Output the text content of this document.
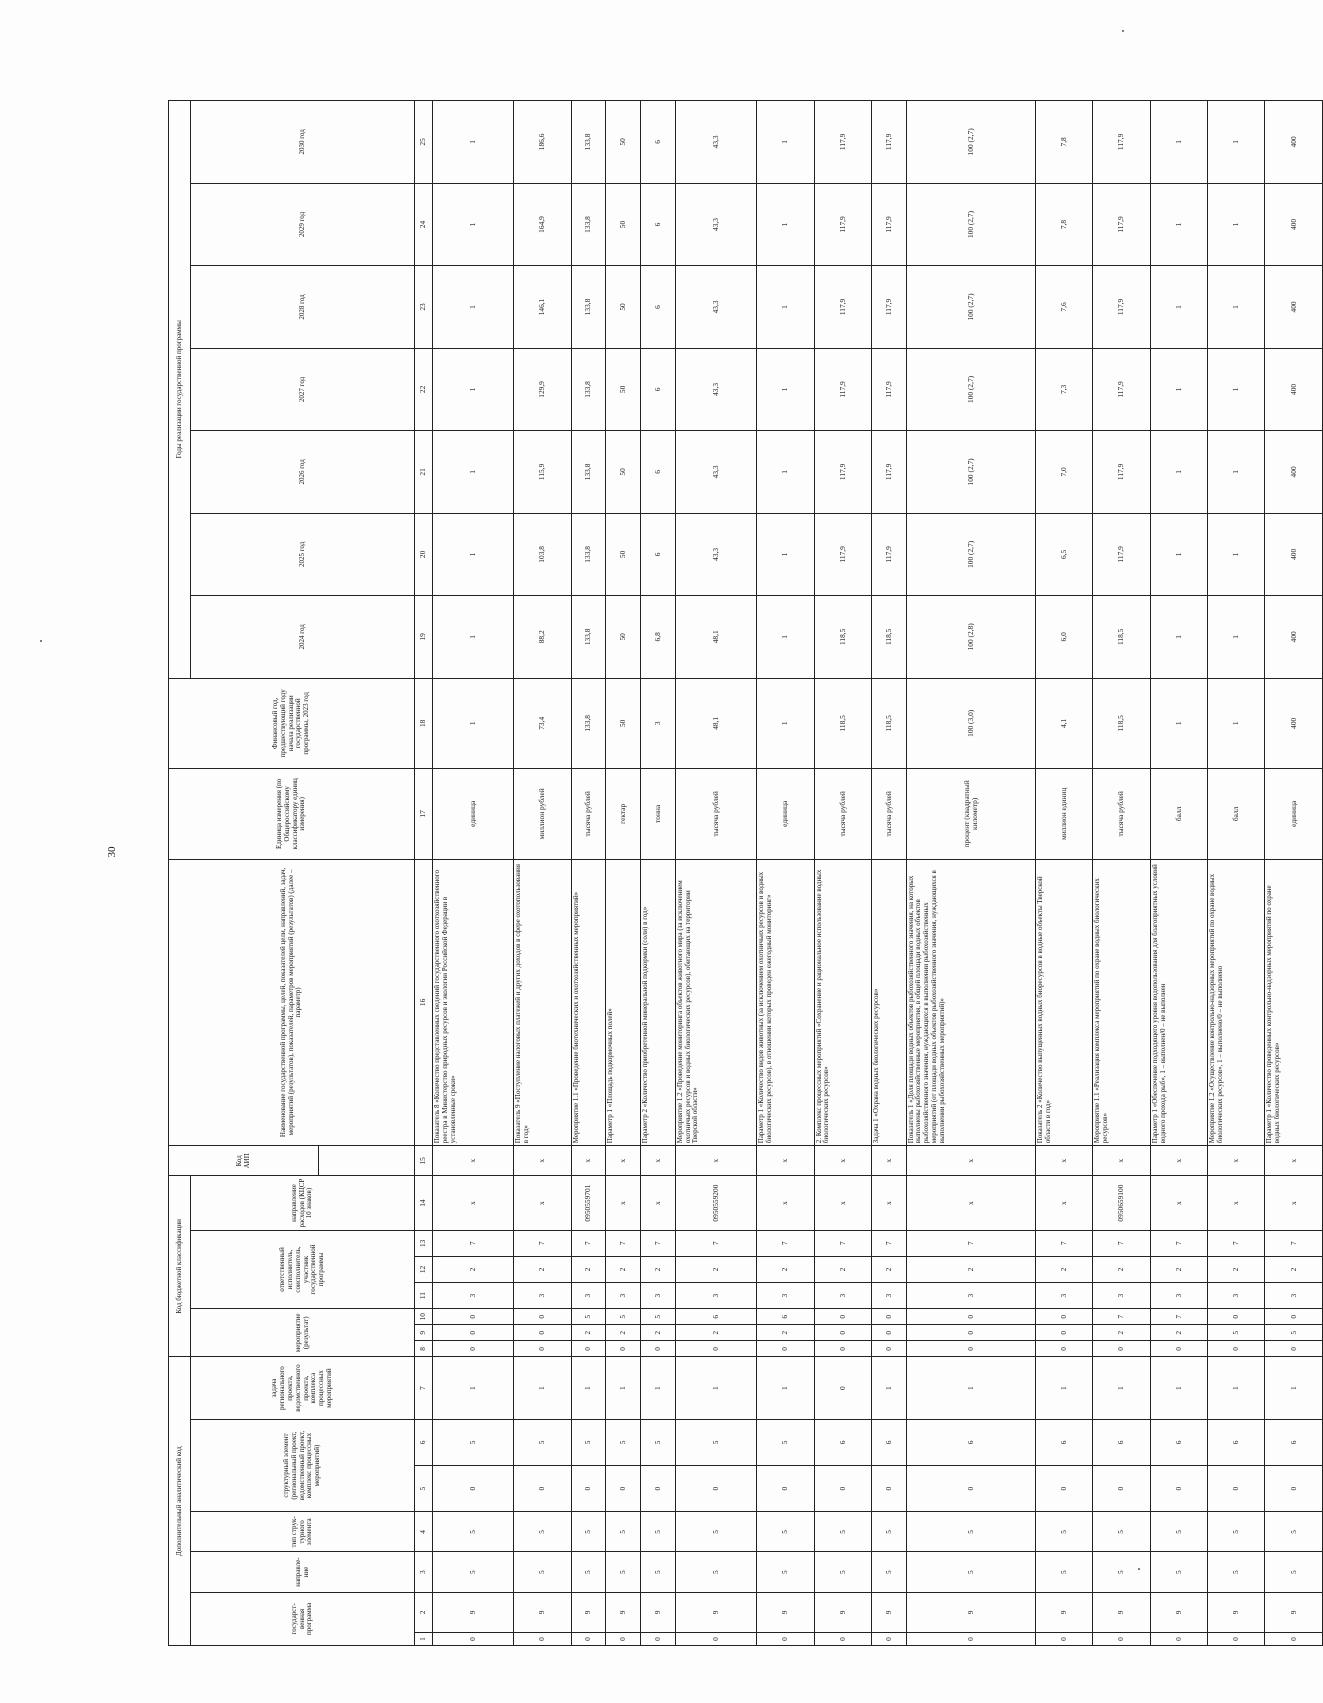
30
Дополнительный аналитический код							Код бюджетной классификации							Код АИП	Наименование государственной программы, целей, показателей цели, направлений, задач, мероприятий (результатов), показателей, параметров мероприятий (результатов) (далее – параметр)	Единица измерения (по Общероссийскому классификатору единиц измерения)	Финансовый год, предшествующий году начала реализации государственной программы, 2023 год	Годы реализации государственной программы						
государст-венная программа		направле-ние	тип струк-турного элемента	структурный элемент (региональный проект, ведомственный проект, комплекс процессных мероприятий)		задача регионального проекта, ведомственного проекта, комплекса процессных мероприятий	мероприятие (результат)			ответственный исполнитель, соисполнитель, участник государственной программы			направление расходов (КЦСР 10 знаков)					2024 год	2025 год	2026 год	2027 год	2028 год	2029 год	2030 год

1	2	3	4	5	6	7	8	9	10	11	12	13	14	15	16	17	18	19	20	21	22	23	24	25
0	9	5	5	0	5	1	0	0	0	3	2	7	x	x	Показатель 8 «Количество представленных сведений государственного охотхозяйственного реестра в Министерство природных ресурсов и экологии Российской Федерации в установленные сроки»	единица	1	1	1	1	1	1	1	1
0	9	5	5	0	5	1	0	0	0	3	2	7	x	x	Показатель 9 «Поступление налоговых платежей и других доходов в сфере охотопользования в год»	миллион рублей	73,4	88,2	103,8	115,9	129,9	146,1	164,9	186,6
0	9	5	5	0	5	1	0	2	5	3	2	7	0950559701	x	Мероприятие 1.1 «Проведение биотехнических и охотхозяйственных мероприятий»	тысяча рублей	133,8	133,8	133,8	133,8	133,8	133,8	133,8	133,8
0	9	5	5	0	5	1	0	2	5	3	2	7	x	x	Параметр 1 «Площадь подкормочных полей»	гектар	50	50	50	50	50	50	50	50
0	9	5	5	0	5	1	0	2	5	3	2	7	x	x	Параметр 2 «Количество приобретенной минеральной подкормки (соли) в год»	тонна	3	6,8	6	6	6	6	6	6
0	9	5	5	0	5	1	0	2	6	3	2	7	0950559200	x	Мероприятие 1.2 «Проведение мониторинга объектов животного мира (за исключением охотничьих ресурсов и водных биологических ресурсов), обитающих на территории Тверской области»	тысяча рублей	48,1	48,1	43,3	43,3	43,3	43,3	43,3	43,3
0	9	5	5	0	5	1	0	2	6	3	2	7	x	x	Параметр 1 «Количество видов животных (за исключением охотничьих ресурсов и водных биологических ресурсов), в отношении которых проведен ежегодный мониторинг»	единица	1	1	1	1	1	1	1	1
0	9	5	5	0	6	0	0	0	0	3	2	7	x	x	2. Комплекс процессных мероприятий «Сохранение и рациональное использование водных биологических ресурсов»	тысяча рублей	118,5	118,5	117,9	117,9	117,9	117,9	117,9	117,9
0	9	5	5	0	6	1	0	0	0	3	2	7	x	x	Задача 1 «Охрана водных биологических ресурсов»	тысяча рублей	118,5	118,5	117,9	117,9	117,9	117,9	117,9	117,9
0	9	5	5	0	6	1	0	0	0	3	2	7	x	x	Показатель 1 «Доля площади водных объектов рыбохозяйственного значения, на которых выполнены рыбохозяйственные мероприятия, в общей площади водных объектов рыбохозяйственного значения, нуждающихся в выполнении рыбохозяйственных мероприятий (от площади водных объектов рыбохозяйственного значения, нуждающихся в выполнении рыбохозяйственных мероприятий)»	процент (квадратный километр)	100 (3,0)	100 (2,8)	100 (2,7)	100 (2,7)	100 (2,7)	100 (2,7)	100 (2,7)	100 (2,7)
0	9	5	5	0	6	1	0	0	0	3	2	7	x	x	Показатель 2 «Количество выпущенных водных биоресурсов в водные объекты Тверской области в год»	миллион единиц	4,1	6,0	6,5	7,0	7,3	7,6	7,8	7,8
0	9	5	5	0	6	1	0	2	7	3	2	7	0950659100	x	Мероприятие 1.1 «Реализация комплекса мероприятий по охране водных биологических ресурсов»	тысяча рублей	118,5	118,5	117,9	117,9	117,9	117,9	117,9	117,9
0	9	5	5	0	6	1	0	2	7	3	2	7	x	x	Параметр 1 «Обеспечение подходящего уровня водопользования для благоприятных условий водного прохода рыб», 1 – выполнен/0 – не выполнен	балл	1	1	1	1	1	1	1	1
0	9	5	5	0	6	1	0	5	0	3	2	7	x	x	Мероприятие 1.2 «Осуществление контрольно-надзорных мероприятий по охране водных биологических ресурсов», 1 – выполнено/0 – не выполнено	балл	1	1	1	1	1	1	1	1
0	9	5	5	0	6	1	0	5	0	3	2	7	x	x	Параметр 1 «Количество проведенных контрольно-надзорных мероприятий по охране водных биологических ресурсов»	единица	400	400	400	400	400	400	400	400
